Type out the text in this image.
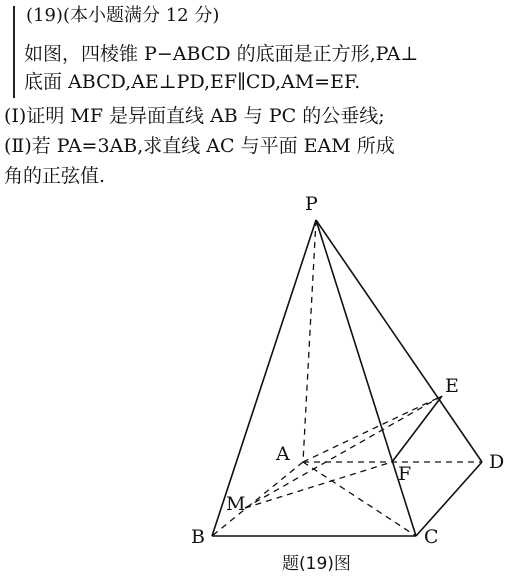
(19)(本小题满分 12 分)
如图，四棱锥 P−ABCD 的底面是正方形,PA⊥
底面 ABCD,AE⊥PD,EF∥CD,AM=EF.
(Ⅰ)证明 MF 是异面直线 AB 与 PC 的公垂线;
(Ⅱ)若 PA=3AB,求直线 AC 与平面 EAM 所成
角的正弦值.
P
A
B	C
D
E
F
M
题(19)图
